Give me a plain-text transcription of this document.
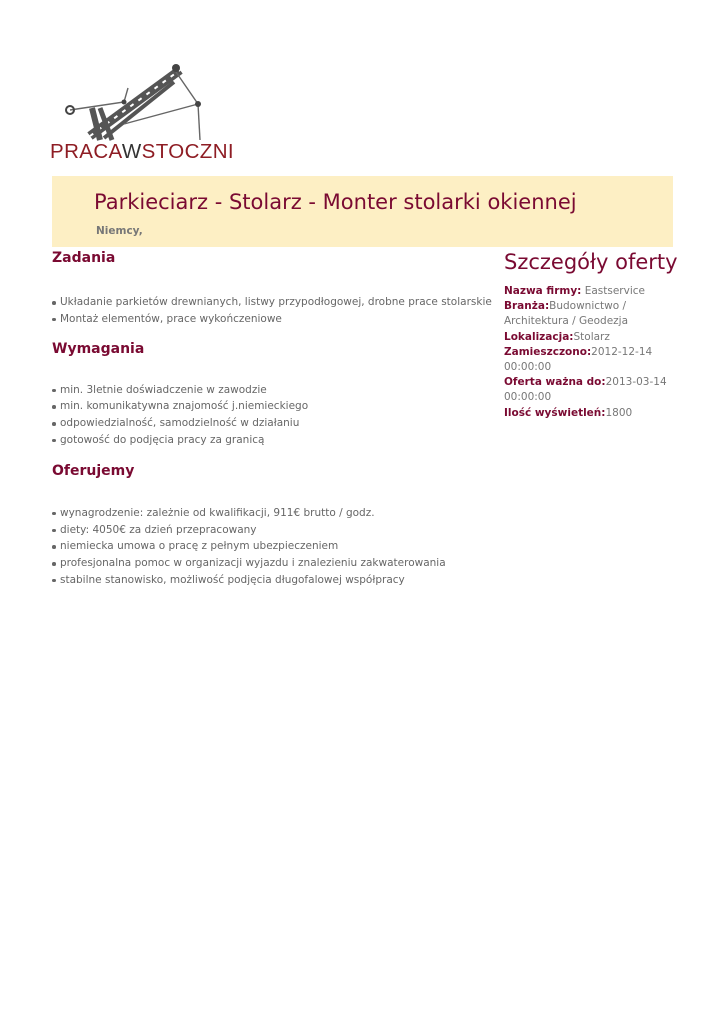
PRACAWSTOCZNI
Parkieciarz - Stolarz - Monter stolarki okiennej
Niemcy,
Zadania
Układanie parkietów drewnianych, listwy przypodłogowej, drobne prace stolarskie
Montaż elementów, prace wykończeniowe
Wymagania
min. 3letnie doświadczenie w zawodzie
min. komunikatywna znajomość j.niemieckiego
odpowiedzialność, samodzielność w działaniu
gotowość do podjęcia pracy za granicą
Oferujemy
wynagrodzenie: zależnie od kwalifikacji, 911€ brutto / godz.
diety: 4050€ za dzień przepracowany
niemiecka umowa o pracę z pełnym ubezpieczeniem
profesjonalna pomoc w organizacji wyjazdu i znalezieniu zakwaterowania
stabilne stanowisko, możliwość podjęcia długofalowej współpracy
Szczegóły oferty
Nazwa firmy: Eastservice
Branża:Budownictwo / Architektura / Geodezja
Lokalizacja:Stolarz
Zamieszczono:2012-12-14 00:00:00
Oferta ważna do:2013-03-14 00:00:00
Ilość wyświetleń:1800
